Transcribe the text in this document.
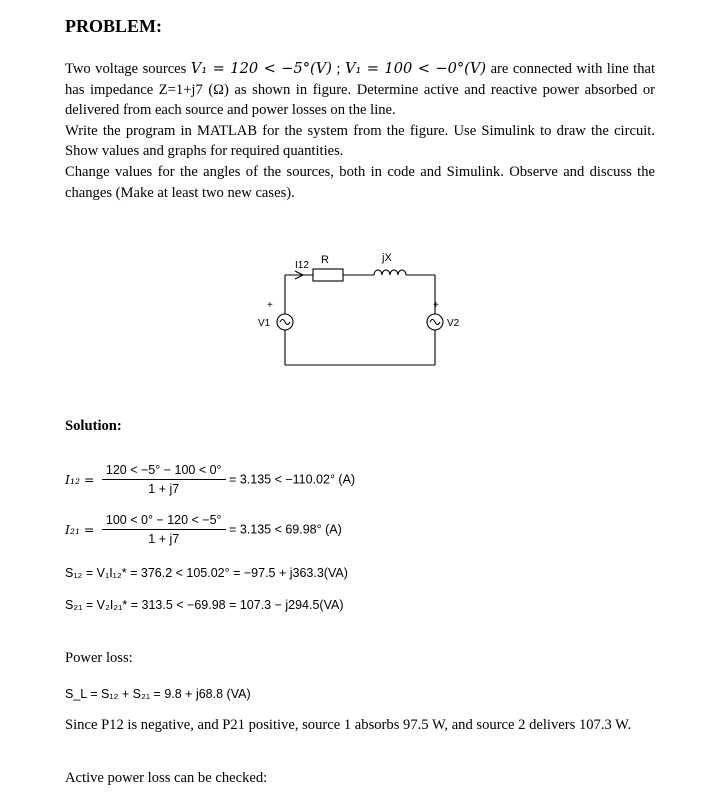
PROBLEM:

Two voltage sources V₁ = 120 < −5°(V) ; V₁ = 100 < −0°(V) are connected with line that has impedance Z=1+j7 (Ω) as shown in figure. Determine active and reactive power absorbed or delivered from each source and power losses on the line.

Write the program in MATLAB for the system from the figure. Use Simulink to draw the circuit. Show values and graphs for required quantities.

Change values for the angles of the sources, both in code and Simulink. Observe and discuss the changes (Make at least two new cases).

I12 R	jX
V1	V2
+	+
Solution:
$I_{12} = \frac{120 < -5^\circ - 100 < 0^\circ}{1 + j7} = 3.135 < -110.02^\circ$ (A)
$I_{21} = \frac{100 < 0^\circ - 120 < -5^\circ}{1 + j7} = 3.135 < 69.98^\circ$ (A)
S₁₂ = V₁I₁₂* = 376.2 < 105.02° = −97.5 + j363.3(VA)
S₂₁ = V₂I₂₁* = 313.5 < −69.98 = 107.3 − j294.5(VA)
Power loss:
S_L = S₁₂ + S₂₁ = 9.8 + j68.8 (VA)
Since P12 is negative, and P21 positive, source 1 absorbs 97.5 W, and source 2 delivers 107.3 W.
Active power loss can be checked:
